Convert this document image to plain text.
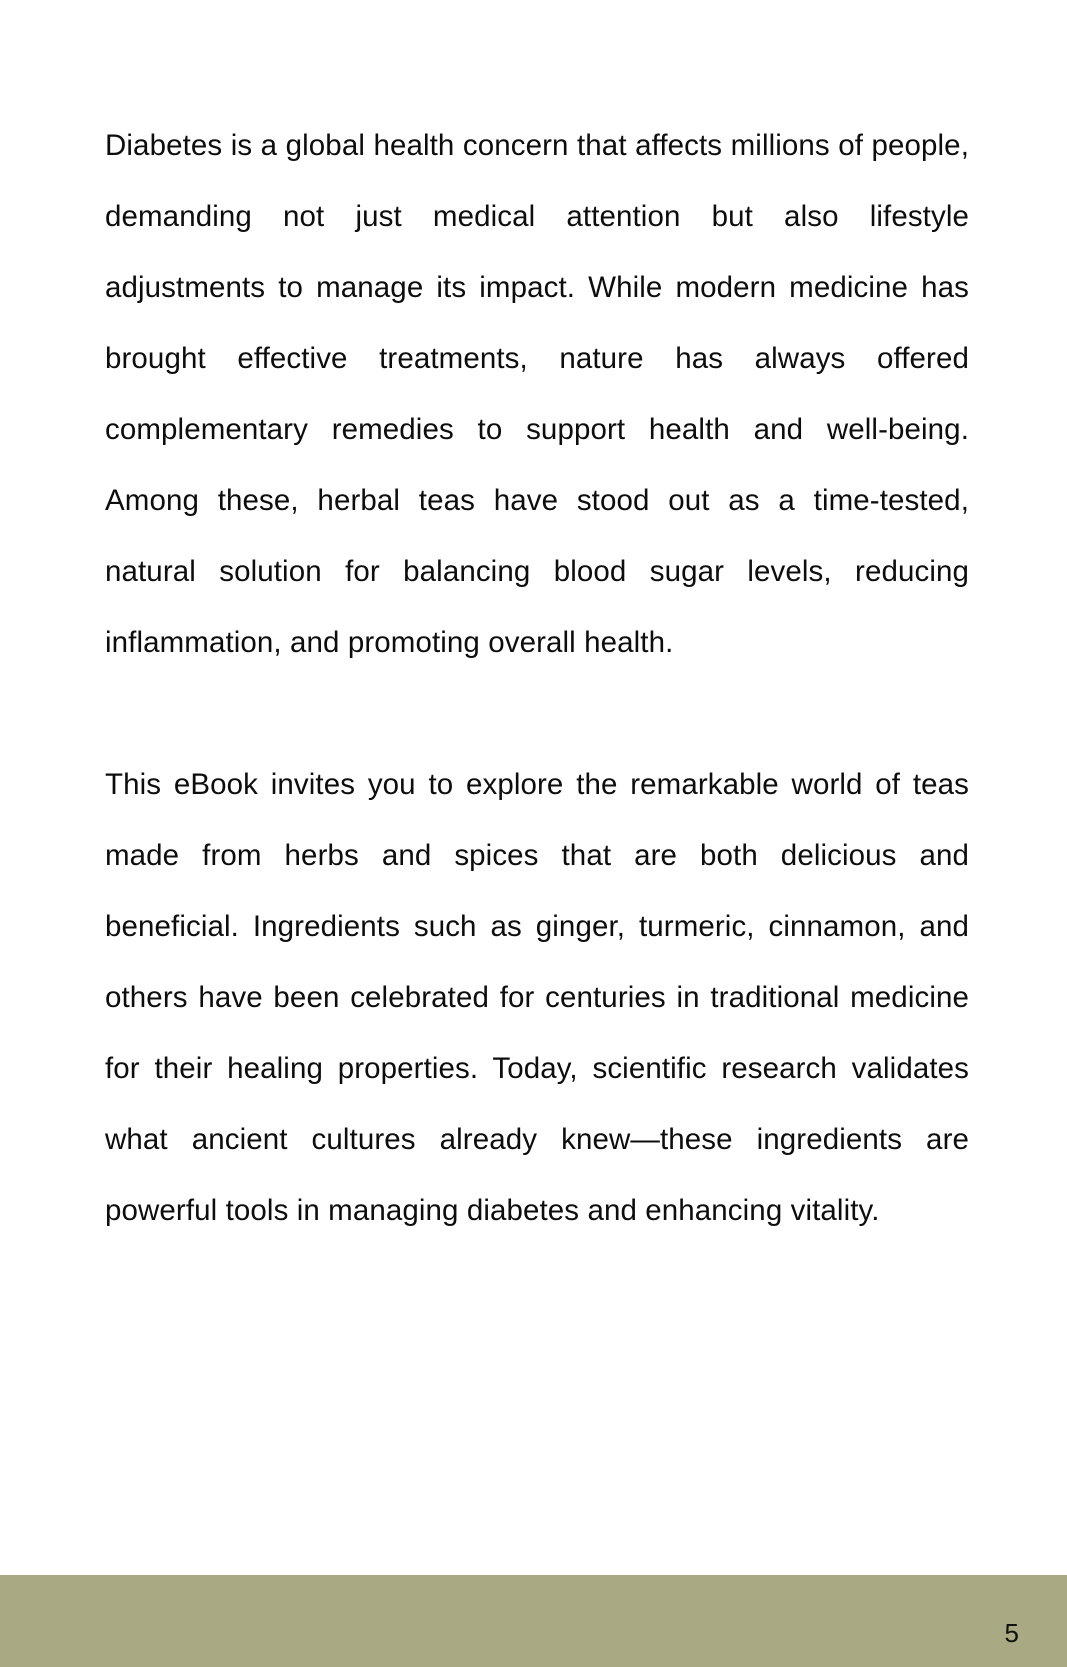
Diabetes is a global health concern that affects millions of people, demanding not just medical attention but also lifestyle adjustments to manage its impact. While modern medicine has brought effective treatments, nature has always offered complementary remedies to support health and well-being. Among these, herbal teas have stood out as a time-tested, natural solution for balancing blood sugar levels, reducing inflammation, and promoting overall health.

This eBook invites you to explore the remarkable world of teas made from herbs and spices that are both delicious and beneficial. Ingredients such as ginger, turmeric, cinnamon, and others have been celebrated for centuries in traditional medicine for their healing properties. Today, scientific research validates what ancient cultures already knew—these ingredients are powerful tools in managing diabetes and enhancing vitality.

5
